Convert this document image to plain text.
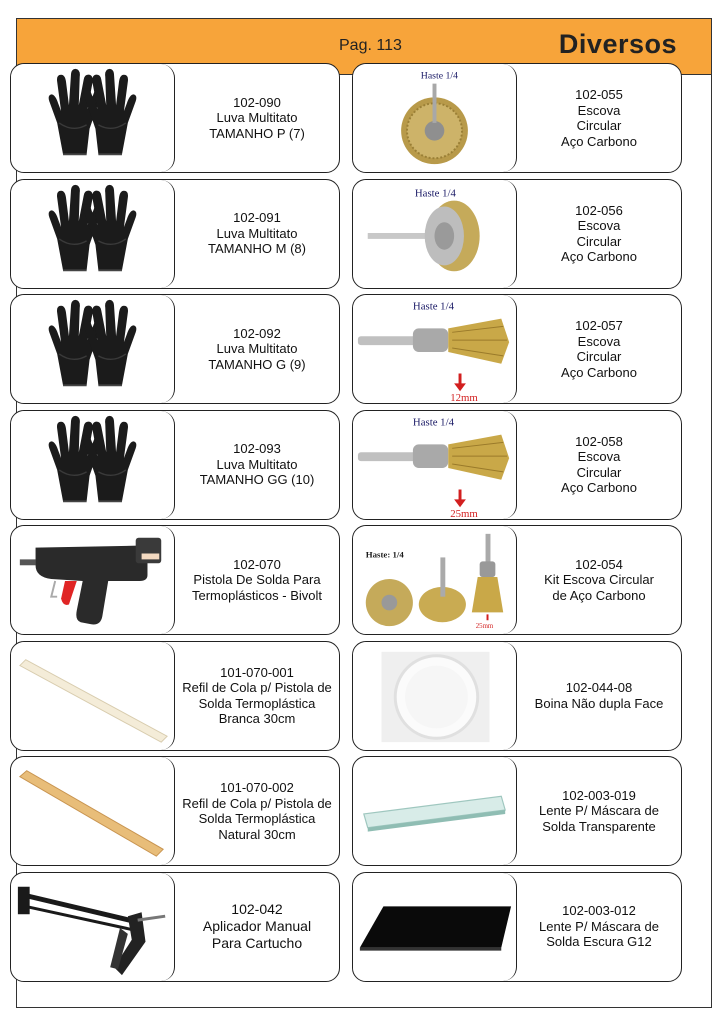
Pag. 113	Diversos
102-090
Luva Multitato
TAMANHO P (7)
102-091
Luva Multitato
TAMANHO M (8)
102-092
Luva Multitato
TAMANHO G (9)
102-093
Luva Multitato
TAMANHO GG (10)
102-070
Pistola De Solda Para
Termoplásticos - Bivolt
101-070-001
Refil de Cola p/ Pistola de
Solda Termoplástica
Branca 30cm
101-070-002
Refil de Cola p/ Pistola de
Solda Termoplástica
Natural 30cm
102-042
Aplicador Manual
Para Cartucho
Haste 1/4
102-055
Escova
Circular
Aço Carbono
Haste 1/4
102-056
Escova
Circular
Aço Carbono
Haste 1/4
12mm
102-057
Escova
Circular
Aço Carbono
Haste 1/4
25mm
102-058
Escova
Circular
Aço Carbono
Haste: 1/4
25mm
102-054
Kit Escova Circular
de Aço Carbono
102-044-08
Boina Não dupla Face
102-003-019
Lente P/ Máscara de
Solda Transparente
102-003-012
Lente P/ Máscara de
Solda Escura G12
